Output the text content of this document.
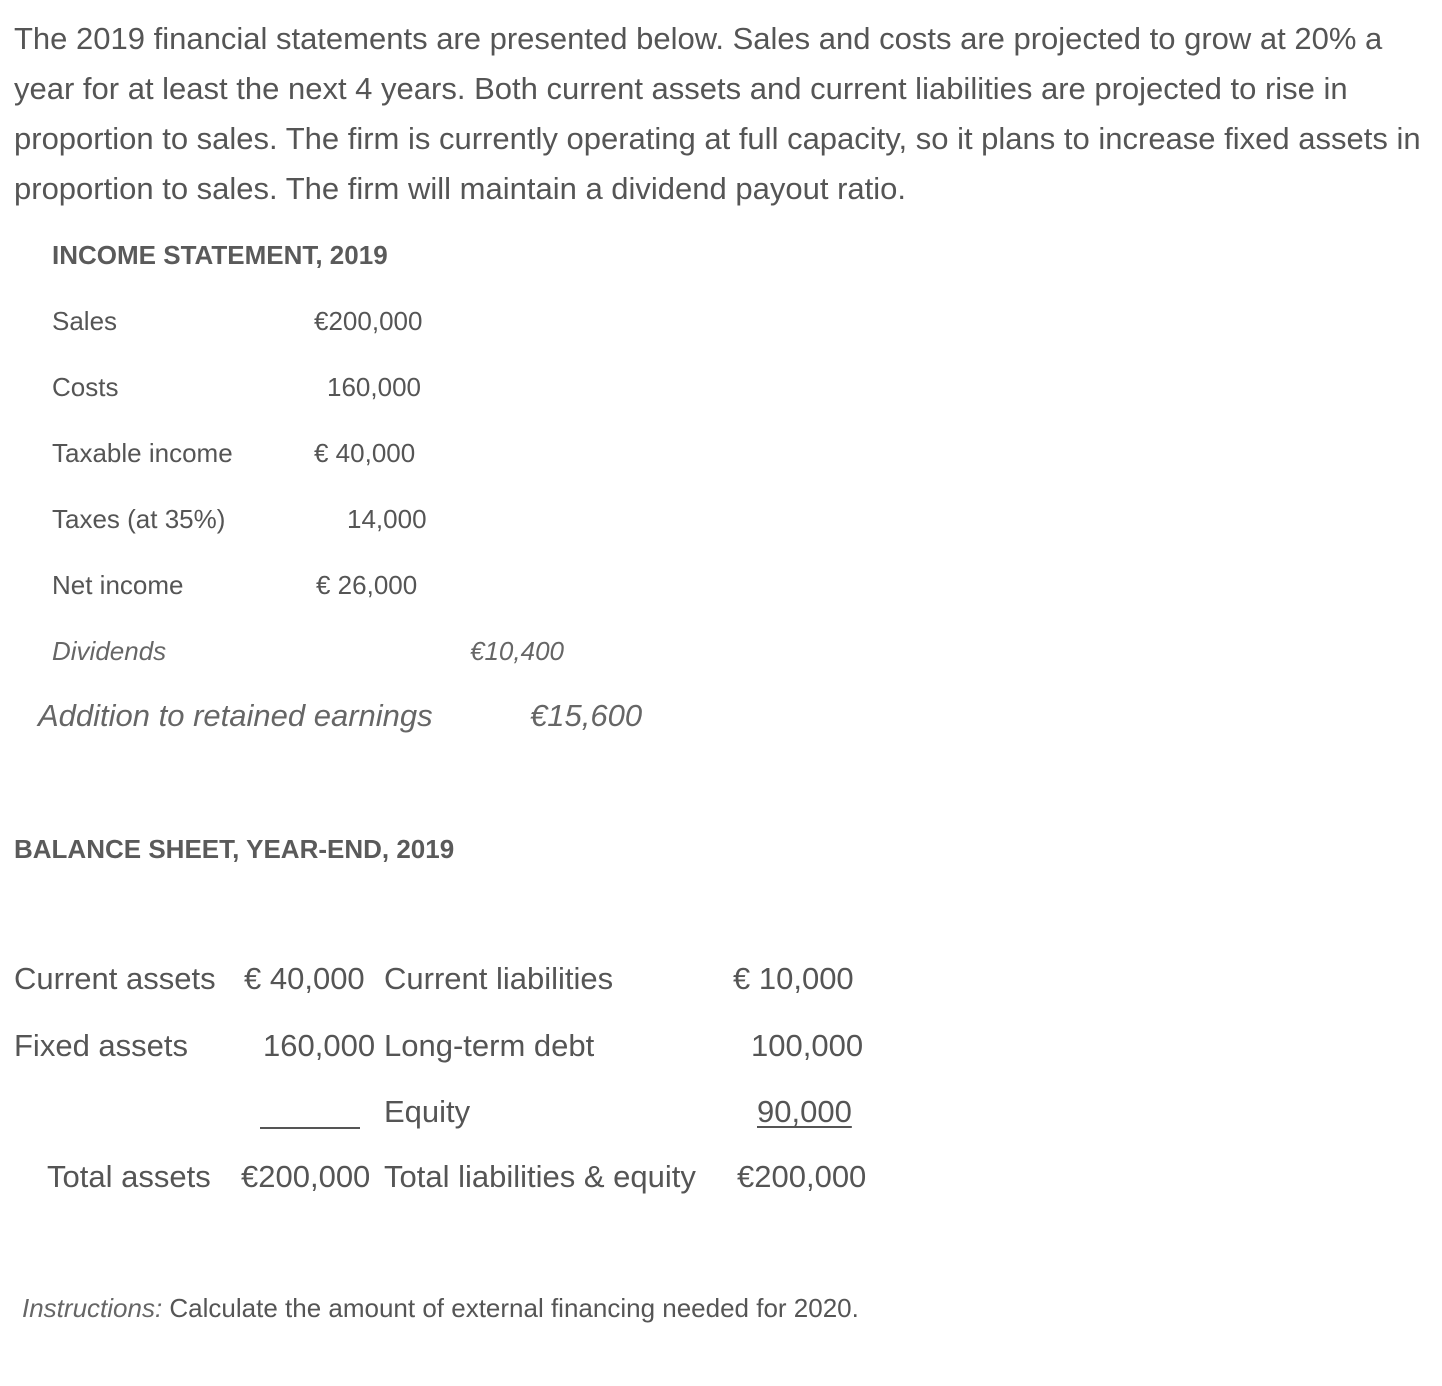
The 2019 financial statements are presented below. Sales and costs are projected to grow at 20% a year for at least the next 4 years. Both current assets and current liabilities are projected to rise in proportion to sales. The firm is currently operating at full capacity, so it plans to increase fixed assets in proportion to sales. The firm will maintain a dividend payout ratio.
INCOME STATEMENT, 2019
Sales	€200,000
Costs	160,000
Taxable income	€ 40,000
Taxes (at 35%)	14,000
Net income	€ 26,000
Dividends	€10,400
Addition to retained earnings	€15,600
BALANCE SHEET, YEAR-END, 2019
Current assets € 40,000 Current liabilities	€ 10,000
Fixed assets 160,000 Long-term debt	100,000
Equity	90,000
Total assets €200,000 Total liabilities & equity €200,000
Instructions: Calculate the amount of external financing needed for 2020.
